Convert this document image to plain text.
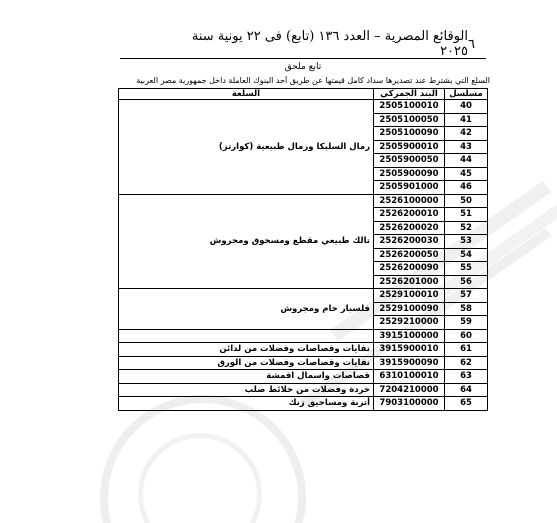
الوقائع المصرية – العدد ١٣٦ (تابع) فى ٢٢ يونية سنة ٢٠٢٥ ٦
تابع ملحق
السلع التي يشترط عند تصديرها سداد كامل قيمتها عن طريق أحد البنوك العاملة داخل جمهورية مصر العربية
مسلسل	البند الجمركي	السلعة
40	2505100010	رمال السليكا ورمال طبيعية (كوارتز)
41	2505100050	
42	2505100090	
43	2505900010	
44	2505900050	
45	2505900090	
46	2505901000	
50	2526100000	تالك طبيعي مقطع ومسحوق ومجروش
51	2526200010	
52	2526200020	
53	2526200030	
54	2526200050	
55	2526200090	
56	2526201000	
57	2529100010	فلسبار خام ومجروش
58	2529100090	
59	2529210000	
60	3915100000	
61	3915900010	نفايات وقصاصات وفضلات من لدائن
62	3915900090	نفايات وقصاصات وفضلات من الورق
63	6310100010	قصاصات واسمال اقمشة
64	7204210000	خردة وفضلات من خلائط صلب
65	7903100000	أتربة ومساحيق زنك
